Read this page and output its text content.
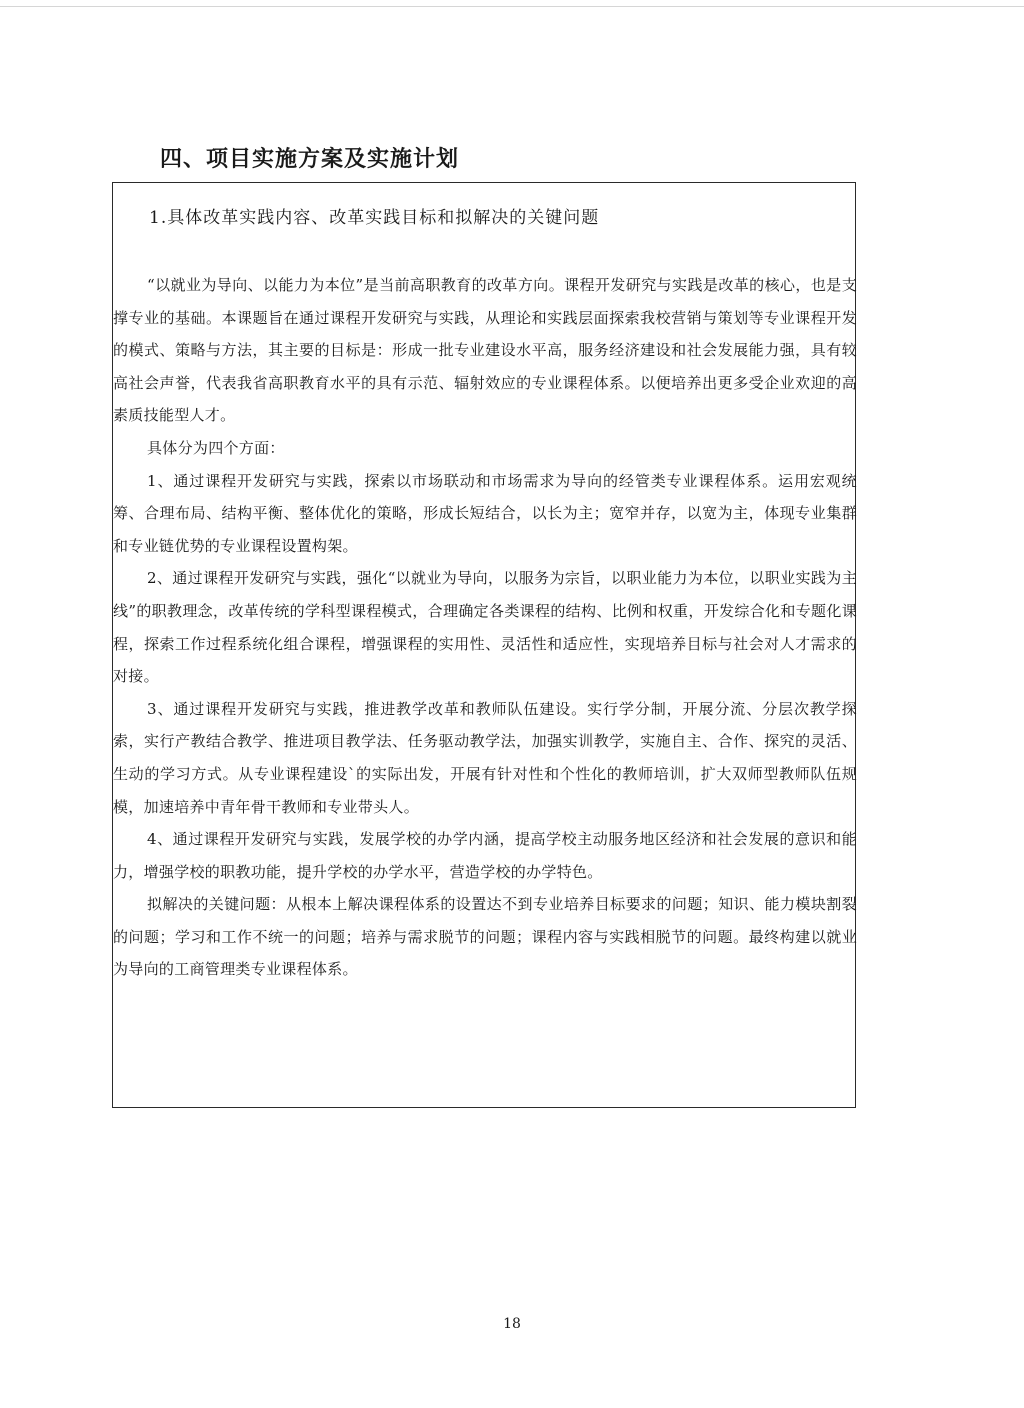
四、项目实施方案及实施计划

1.具体改革实践内容、改革实践目标和拟解决的关键问题

“以就业为导向、以能力为本位”是当前高职教育的改革方向。课程开发研究与实践是改革的核心，也是支撑专业的基础。本课题旨在通过课程开发研究与实践，从理论和实践层面探索我校营销与策划等专业课程开发的模式、策略与方法，其主要的目标是：形成一批专业建设水平高，服务经济建设和社会发展能力强，具有较高社会声誉，代表我省高职教育水平的具有示范、辐射效应的专业课程体系。以便培养出更多受企业欢迎的高素质技能型人才。

具体分为四个方面：

1、通过课程开发研究与实践，探索以市场联动和市场需求为导向的经管类专业课程体系。运用宏观统筹、合理布局、结构平衡、整体优化的策略，形成长短结合，以长为主；宽窄并存，以宽为主，体现专业集群和专业链优势的专业课程设置构架。

2、通过课程开发研究与实践，强化“以就业为导向，以服务为宗旨，以职业能力为本位，以职业实践为主线”的职教理念，改革传统的学科型课程模式，合理确定各类课程的结构、比例和权重，开发综合化和专题化课程，探索工作过程系统化组合课程，增强课程的实用性、灵活性和适应性，实现培养目标与社会对人才需求的对接。

3、通过课程开发研究与实践，推进教学改革和教师队伍建设。实行学分制，开展分流、分层次教学探索，实行产教结合教学、推进项目教学法、任务驱动教学法，加强实训教学，实施自主、合作、探究的灵活、生动的学习方式。从专业课程建设`的实际出发，开展有针对性和个性化的教师培训，扩大双师型教师队伍规模，加速培养中青年骨干教师和专业带头人。

4、通过课程开发研究与实践，发展学校的办学内涵，提高学校主动服务地区经济和社会发展的意识和能力，增强学校的职教功能，提升学校的办学水平，营造学校的办学特色。

拟解决的关键问题：从根本上解决课程体系的设置达不到专业培养目标要求的问题；知识、能力模块割裂的问题；学习和工作不统一的问题；培养与需求脱节的问题；课程内容与实践相脱节的问题。最终构建以就业为导向的工商管理类专业课程体系。

18
